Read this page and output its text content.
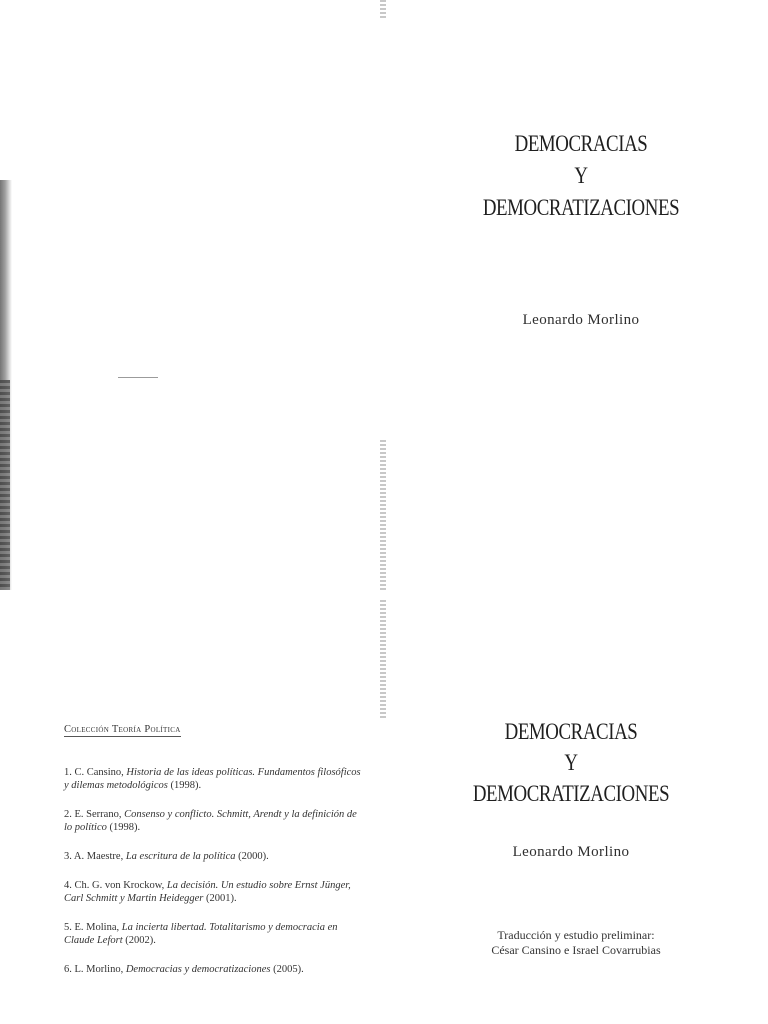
DEMOCRACIAS
Y
DEMOCRATIZACIONES
Leonardo Morlino
Colección Teoría Política
1. C. Cansino, Historia de las ideas políticas. Fundamentos filosóficos y dilemas metodológicos (1998).
2. E. Serrano, Consenso y conflicto. Schmitt, Arendt y la definición de lo político (1998).
3. A. Maestre, La escritura de la política (2000).
4. Ch. G. von Krockow, La decisión. Un estudio sobre Ernst Jünger, Carl Schmitt y Martin Heidegger (2001).
5. E. Molina, La incierta libertad. Totalitarismo y democracia en Claude Lefort (2002).
6. L. Morlino, Democracias y democratizaciones (2005).
DEMOCRACIAS
Y
DEMOCRATIZACIONES
Leonardo Morlino
Traducción y estudio preliminar:
César Cansino e Israel Covarrubias
